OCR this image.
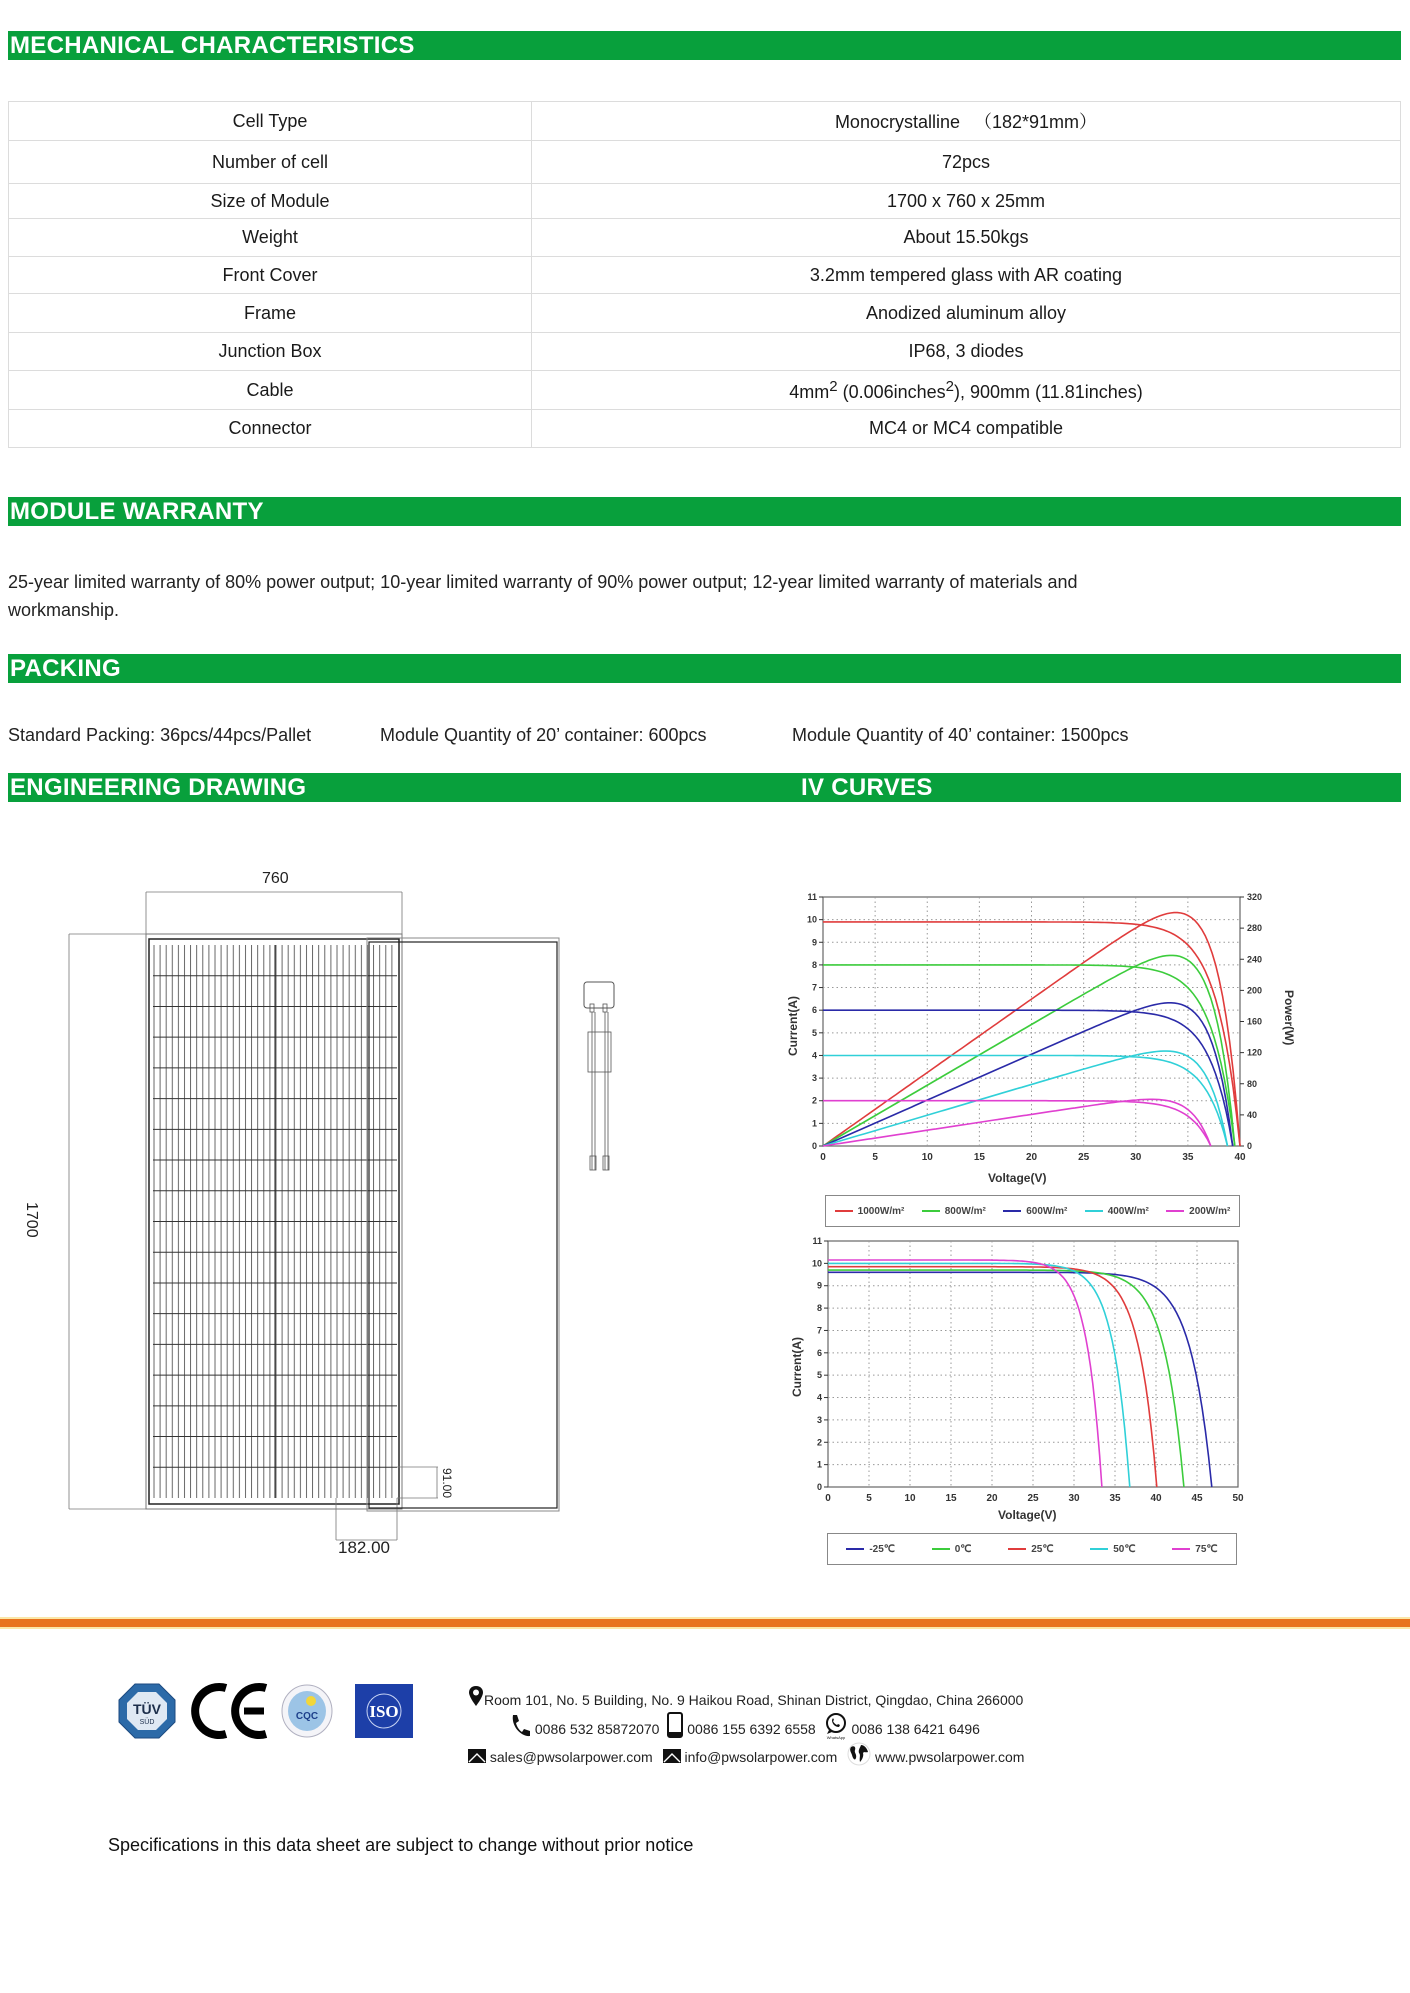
MECHANICAL CHARACTERISTICS
Cell Type	Monocrystalline 　（182*91mm）
Number of cell	72pcs
Size of Module	1700 x 760 x 25mm
Weight	About 15.50kgs
Front Cover	3.2mm tempered glass with AR coating
Frame	Anodized aluminum alloy
Junction Box	IP68, 3 diodes
Cable	$4mm^2$ (0.006inches$^2$), 900mm (11.81inches)
Connector	MC4 or MC4 compatible
MODULE WARRANTY
25-year limited warranty of 80% power output; 10-year limited warranty of 90% power output; 12-year limited warranty of materials and workmanship.
PACKING
Standard Packing: 36pcs/44pcs/Pallet	Module Quantity of 20’ container: 600pcs	Module Quantity of 40’ container: 1500pcs
ENGINEERING DRAWING	IV CURVES
760
1700
182.00
91.00
0	5	10	15	20	25	30	35	40
0
1
2
3
4
5
6
7
8
9
10
11
0
40
80
120
160
200
240
280
320
Voltage(V)
Current(A)	Power(W)
1000W/m²	800W/m²	600W/m²	400W/m²	200W/m²
0	5	10	15	20	25	30	35	40	45	50
0
1
2
3
4
5
6
7
8
9
10
11
Voltage(V)
Current(A)
-25℃	0℃	25℃	50℃	75℃
TÜV
SÜD
CQC	ISO
Room 101, No. 5 Building, No. 9 Haikou Road, Shinan District, Qingdao, China 266000
0086 532 85872070 0086 155 6392 6558
WhatsApp
0086 138 6421 6496
sales@pwsolarpower.com info@pwsolarpower.com	www.pwsolarpower.com
Specifications in this data sheet are subject to change without prior notice
